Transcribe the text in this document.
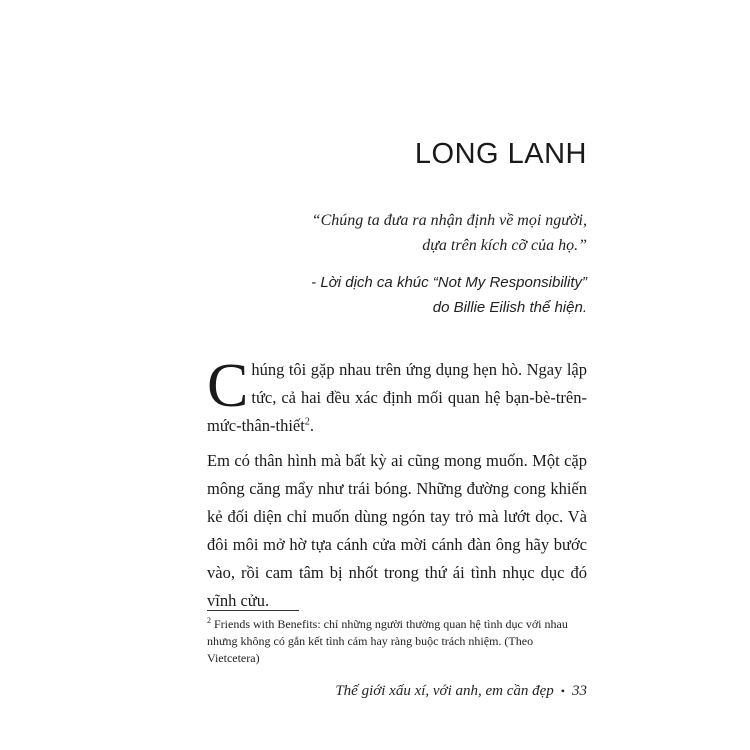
LONG LANH
“Chúng ta đưa ra nhận định về mọi người,
dựa trên kích cỡ của họ.”
- Lời dịch ca khúc “Not My Responsibility”
do Billie Eilish thể hiện.

Chúng tôi gặp nhau trên ứng dụng hẹn hò. Ngay lập tức, cả hai đều xác định mối quan hệ bạn-bè-trên-mức-thân-thiết$^2$.

Em có thân hình mà bất kỳ ai cũng mong muốn. Một cặp mông căng mẩy như trái bóng. Những đường cong khiến kẻ đối diện chỉ muốn dùng ngón tay trỏ mà lướt dọc. Và đôi môi mở hờ tựa cánh cửa mời cánh đàn ông hãy bước vào, rồi cam tâm bị nhốt trong thứ ái tình nhục dục đó vĩnh cửu.

$^2$ Friends with Benefits: chỉ những người thường quan hệ tình dục với nhau nhưng không có gắn kết tình cảm hay ràng buộc trách nhiệm. (Theo Vietcetera)
Thế giới xấu xí, với anh, em cần đẹp • 33
